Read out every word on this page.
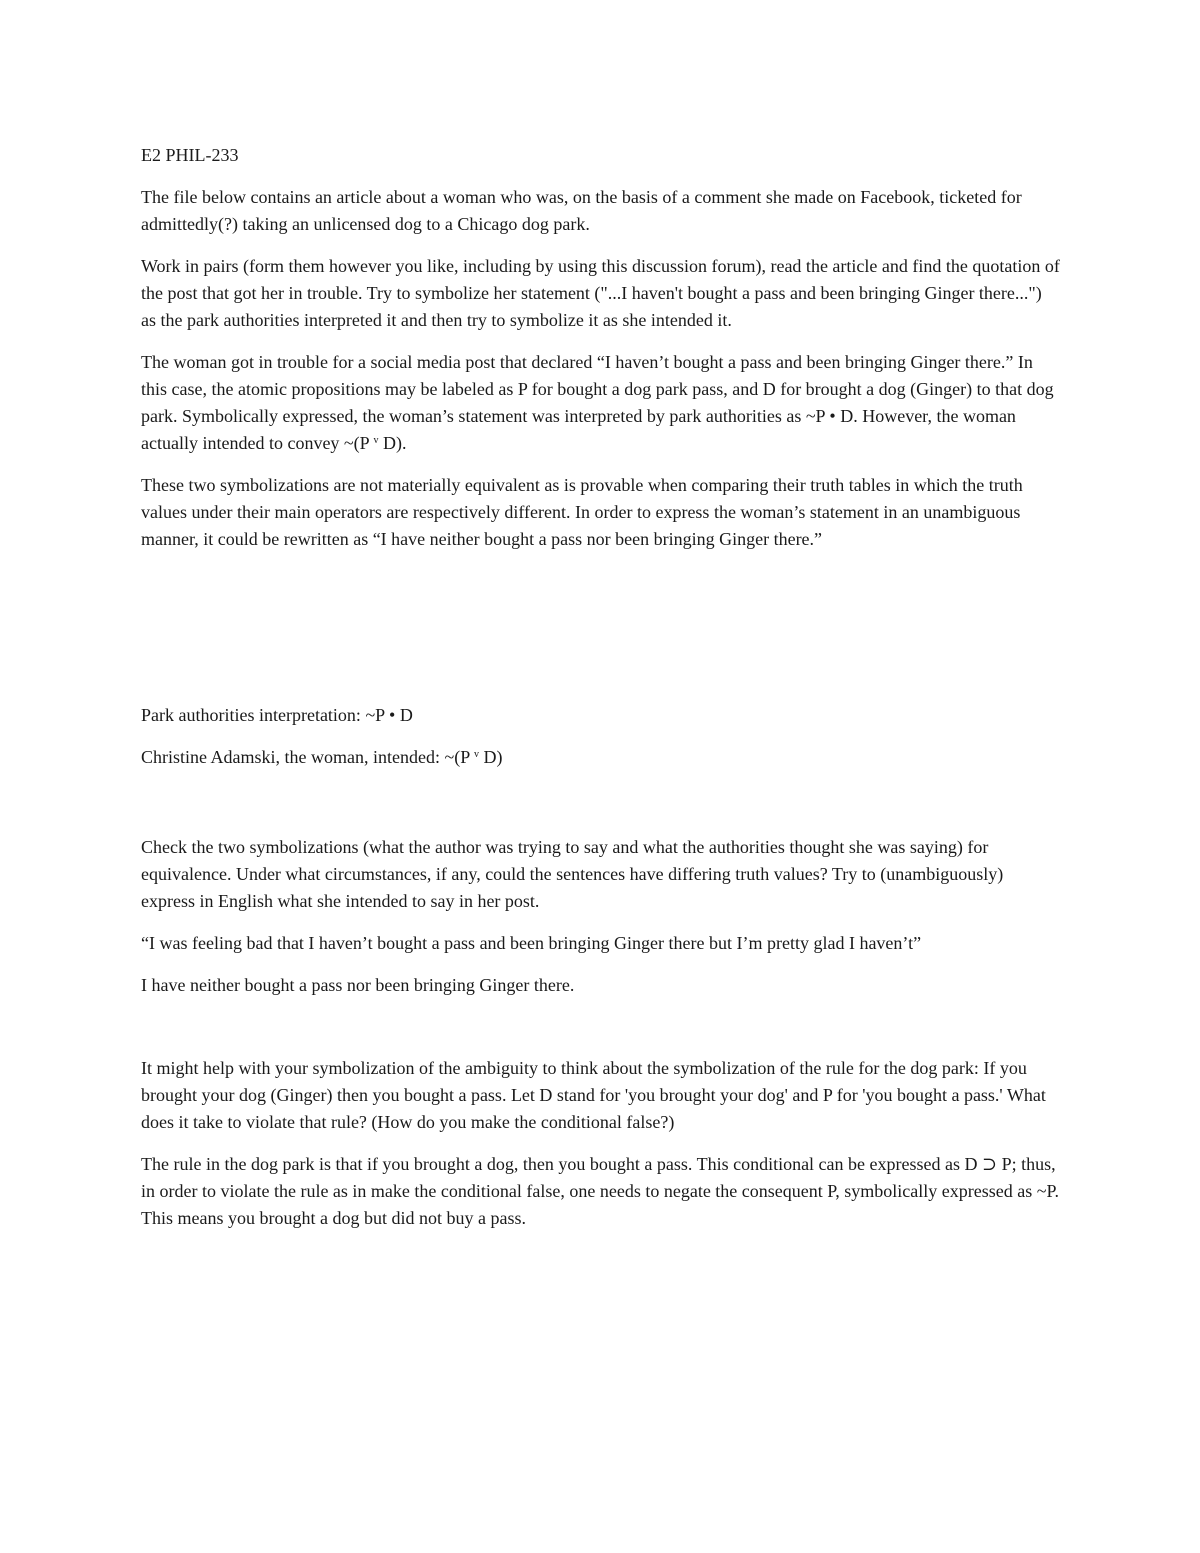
E2 PHIL-233

The file below contains an article about a woman who was, on the basis of a comment she made on Facebook, ticketed for admittedly(?) taking an unlicensed dog to a Chicago dog park.

Work in pairs (form them however you like, including by using this discussion forum), read the article and find the quotation of the post that got her in trouble. Try to symbolize her statement ("...I haven't bought a pass and been bringing Ginger there...") as the park authorities interpreted it and then try to symbolize it as she intended it.

The woman got in trouble for a social media post that declared “I haven’t bought a pass and been bringing Ginger there.” In this case, the atomic propositions may be labeled as P for bought a dog park pass, and D for brought a dog (Ginger) to that dog park. Symbolically expressed, the woman’s statement was interpreted by park authorities as ~P • D. However, the woman actually intended to convey ~(P $^v$ D).

These two symbolizations are not materially equivalent as is provable when comparing their truth tables in which the truth values under their main operators are respectively different. In order to express the woman’s statement in an unambiguous manner, it could be rewritten as “I have neither bought a pass nor been bringing Ginger there.”

Park authorities interpretation: ~P • D

Christine Adamski, the woman, intended: ~(P $^v$ D)

Check the two symbolizations (what the author was trying to say and what the authorities thought she was saying) for equivalence. Under what circumstances, if any, could the sentences have differing truth values? Try to (unambiguously) express in English what she intended to say in her post.

“I was feeling bad that I haven’t bought a pass and been bringing Ginger there but I’m pretty glad I haven’t”

I have neither bought a pass nor been bringing Ginger there.

It might help with your symbolization of the ambiguity to think about the symbolization of the rule for the dog park: If you brought your dog (Ginger) then you bought a pass. Let D stand for 'you brought your dog' and P for 'you bought a pass.' What does it take to violate that rule? (How do you make the conditional false?)

The rule in the dog park is that if you brought a dog, then you bought a pass. This conditional can be expressed as D ⊃ P; thus, in order to violate the rule as in make the conditional false, one needs to negate the consequent P, symbolically expressed as ~P. This means you brought a dog but did not buy a pass.
